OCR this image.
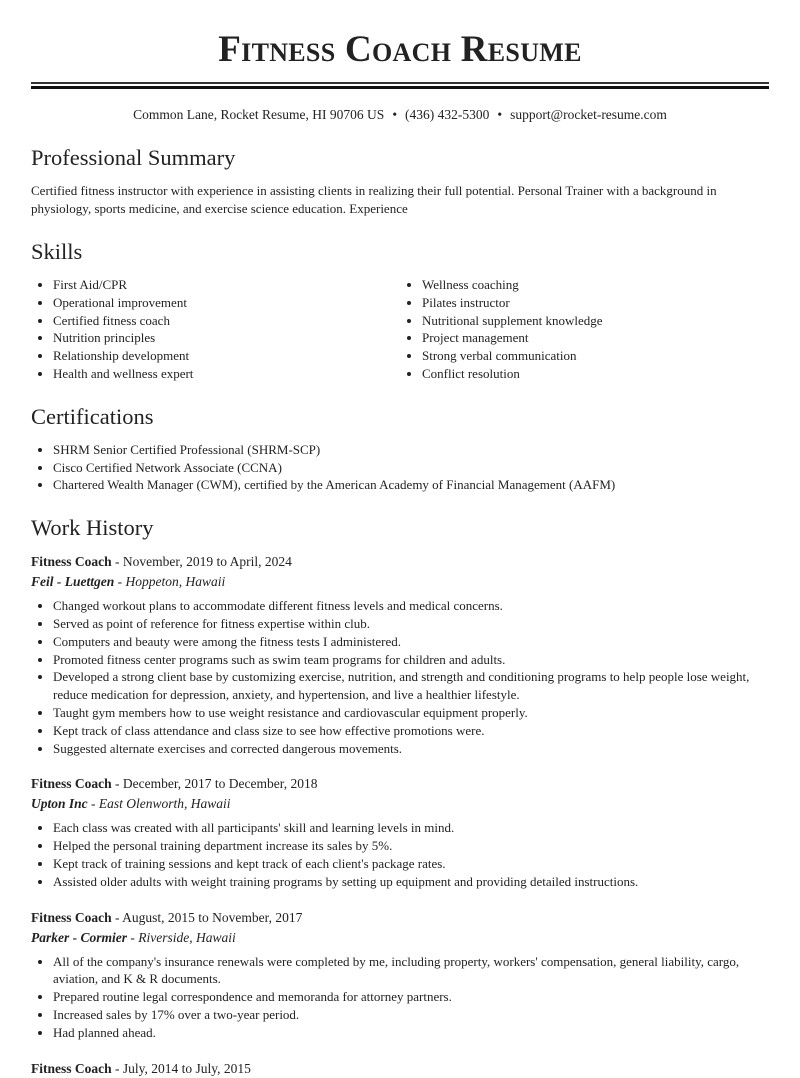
Fitness Coach Resume
Common Lane, Rocket Resume, HI 90706 US • (436) 432-5300 • support@rocket-resume.com
Professional Summary

Certified fitness instructor with experience in assisting clients in realizing their full potential. Personal Trainer with a background in physiology, sports medicine, and exercise science education. Experience

Skills
• First Aid/CPR
• Operational improvement
• Certified fitness coach
• Nutrition principles
• Relationship development
• Health and wellness expert
• Wellness coaching
• Pilates instructor
• Nutritional supplement knowledge
• Project management
• Strong verbal communication
• Conflict resolution
Certifications
• SHRM Senior Certified Professional (SHRM-SCP)
• Cisco Certified Network Associate (CCNA)
• Chartered Wealth Manager (CWM), certified by the American Academy of Financial Management (AAFM)
Work History
Fitness Coach - November, 2019 to April, 2024
Feil - Luettgen - Hoppeton, Hawaii
• Changed workout plans to accommodate different fitness levels and medical concerns.
• Served as point of reference for fitness expertise within club.
• Computers and beauty were among the fitness tests I administered.
• Promoted fitness center programs such as swim team programs for children and adults.
• Developed a strong client base by customizing exercise, nutrition, and strength and conditioning programs to help people lose weight, reduce medication for depression, anxiety, and hypertension, and live a healthier lifestyle.
• Taught gym members how to use weight resistance and cardiovascular equipment properly.
• Kept track of class attendance and class size to see how effective promotions were.
• Suggested alternate exercises and corrected dangerous movements.
Fitness Coach - December, 2017 to December, 2018
Upton Inc - East Olenworth, Hawaii
• Each class was created with all participants' skill and learning levels in mind.
• Helped the personal training department increase its sales by 5%.
• Kept track of training sessions and kept track of each client's package rates.
• Assisted older adults with weight training programs by setting up equipment and providing detailed instructions.
Fitness Coach - August, 2015 to November, 2017
Parker - Cormier - Riverside, Hawaii
• All of the company's insurance renewals were completed by me, including property, workers' compensation, general liability, cargo, aviation, and K & R documents.
• Prepared routine legal correspondence and memoranda for attorney partners.
• Increased sales by 17% over a two-year period.
• Had planned ahead.
Fitness Coach - July, 2014 to July, 2015
